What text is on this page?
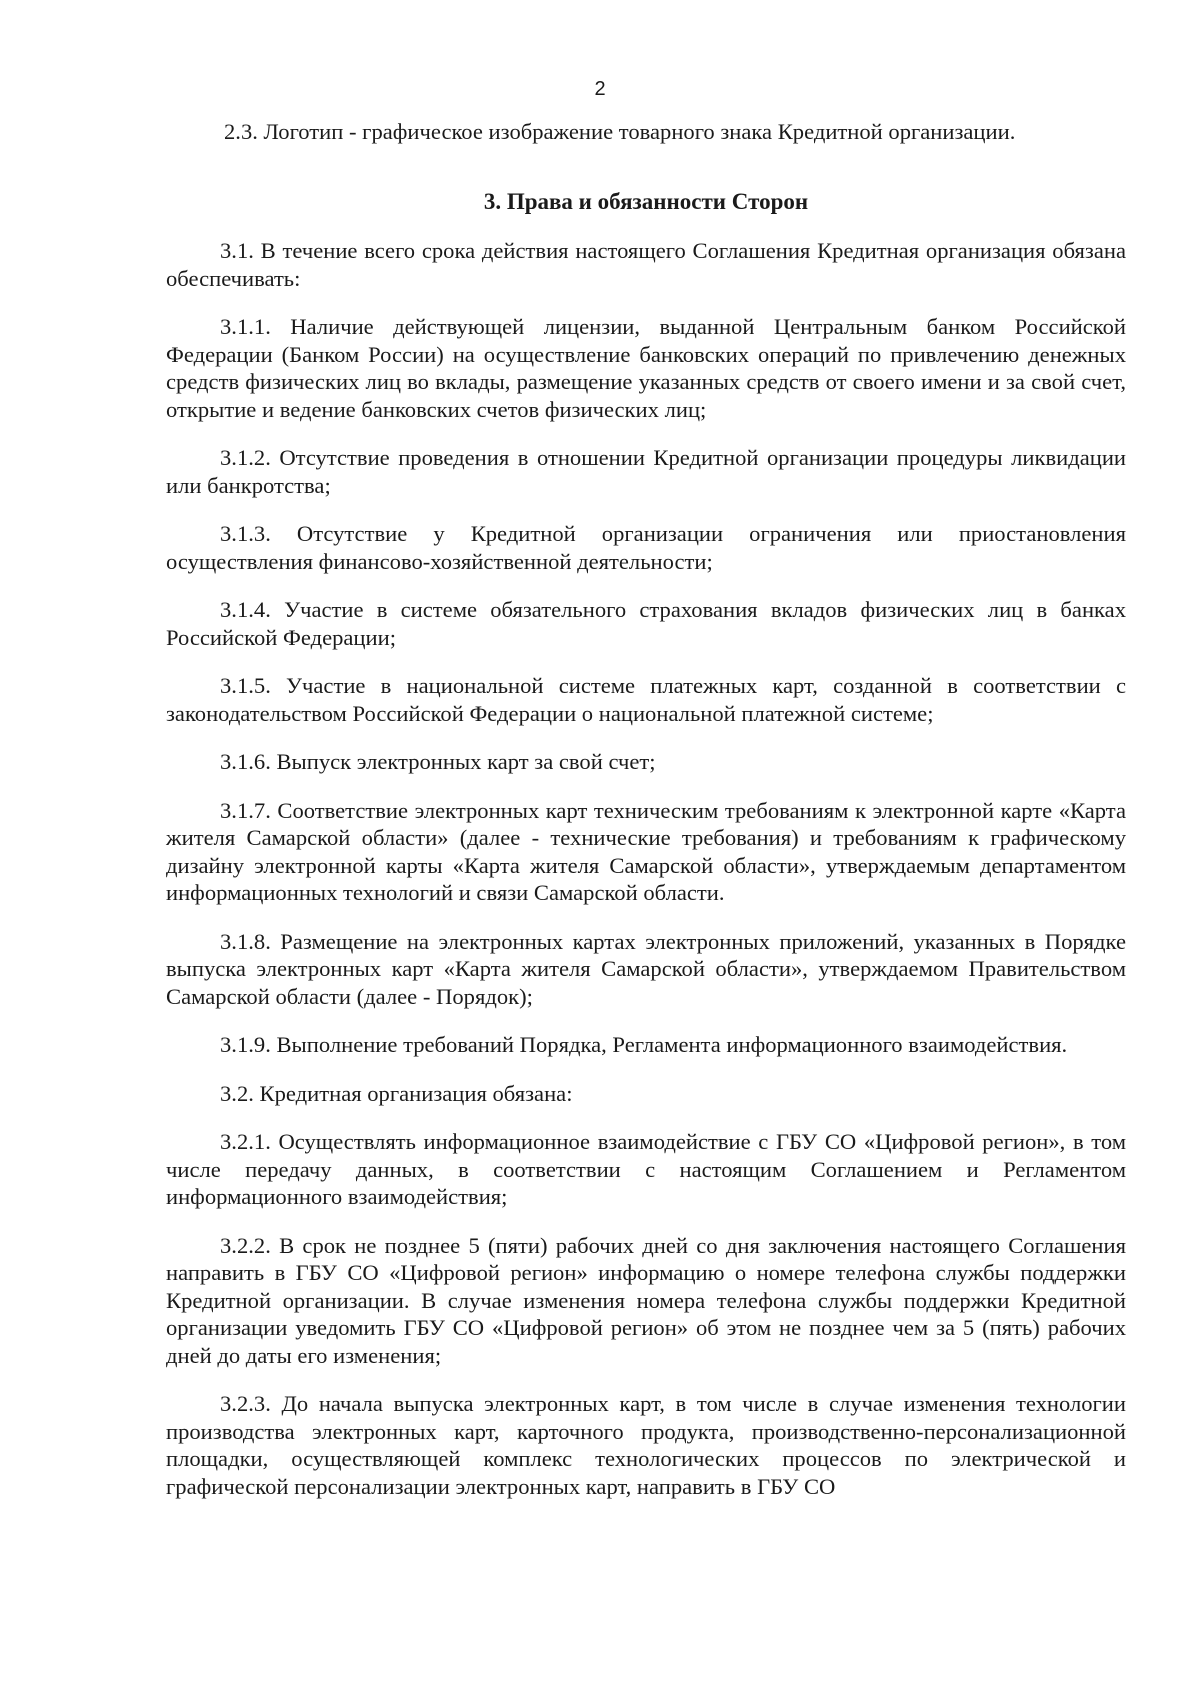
2

2.3. Логотип - графическое изображение товарного знака Кредитной организации.

3. Права и обязанности Сторон

3.1. В течение всего срока действия настоящего Соглашения Кредитная организация обязана обеспечивать:

3.1.1. Наличие действующей лицензии, выданной Центральным банком Российской Федерации (Банком России) на осуществление банковских операций по привлечению денежных средств физических лиц во вклады, размещение указанных средств от своего имени и за свой счет, открытие и ведение банковских счетов физических лиц;

3.1.2. Отсутствие проведения в отношении Кредитной организации процедуры ликвидации или банкротства;

3.1.3. Отсутствие у Кредитной организации ограничения или приостановления осуществления финансово-хозяйственной деятельности;

3.1.4. Участие в системе обязательного страхования вкладов физических лиц в банках Российской Федерации;

3.1.5. Участие в национальной системе платежных карт, созданной в соответствии с законодательством Российской Федерации о национальной платежной системе;

3.1.6. Выпуск электронных карт за свой счет;

3.1.7. Соответствие электронных карт техническим требованиям к электронной карте «Карта жителя Самарской области» (далее - технические требования) и требованиям к графическому дизайну электронной карты «Карта жителя Самарской области», утверждаемым департаментом информационных технологий и связи Самарской области.

3.1.8. Размещение на электронных картах электронных приложений, указанных в Порядке выпуска электронных карт «Карта жителя Самарской области», утверждаемом Правительством Самарской области (далее - Порядок);

3.1.9. Выполнение требований Порядка, Регламента информационного взаимодействия.

3.2. Кредитная организация обязана:

3.2.1. Осуществлять информационное взаимодействие с ГБУ СО «Цифровой регион», в том числе передачу данных, в соответствии с настоящим Соглашением и Регламентом информационного взаимодействия;

3.2.2. В срок не позднее 5 (пяти) рабочих дней со дня заключения настоящего Соглашения направить в ГБУ СО «Цифровой регион» информацию о номере телефона службы поддержки Кредитной организации. В случае изменения номера телефона службы поддержки Кредитной организации уведомить ГБУ СО «Цифровой регион» об этом не позднее чем за 5 (пять) рабочих дней до даты его изменения;

3.2.3. До начала выпуска электронных карт, в том числе в случае изменения технологии производства электронных карт, карточного продукта, производственно-персонализационной площадки, осуществляющей комплекс технологических процессов по электрической и графической персонализации электронных карт, направить в ГБУ СО
